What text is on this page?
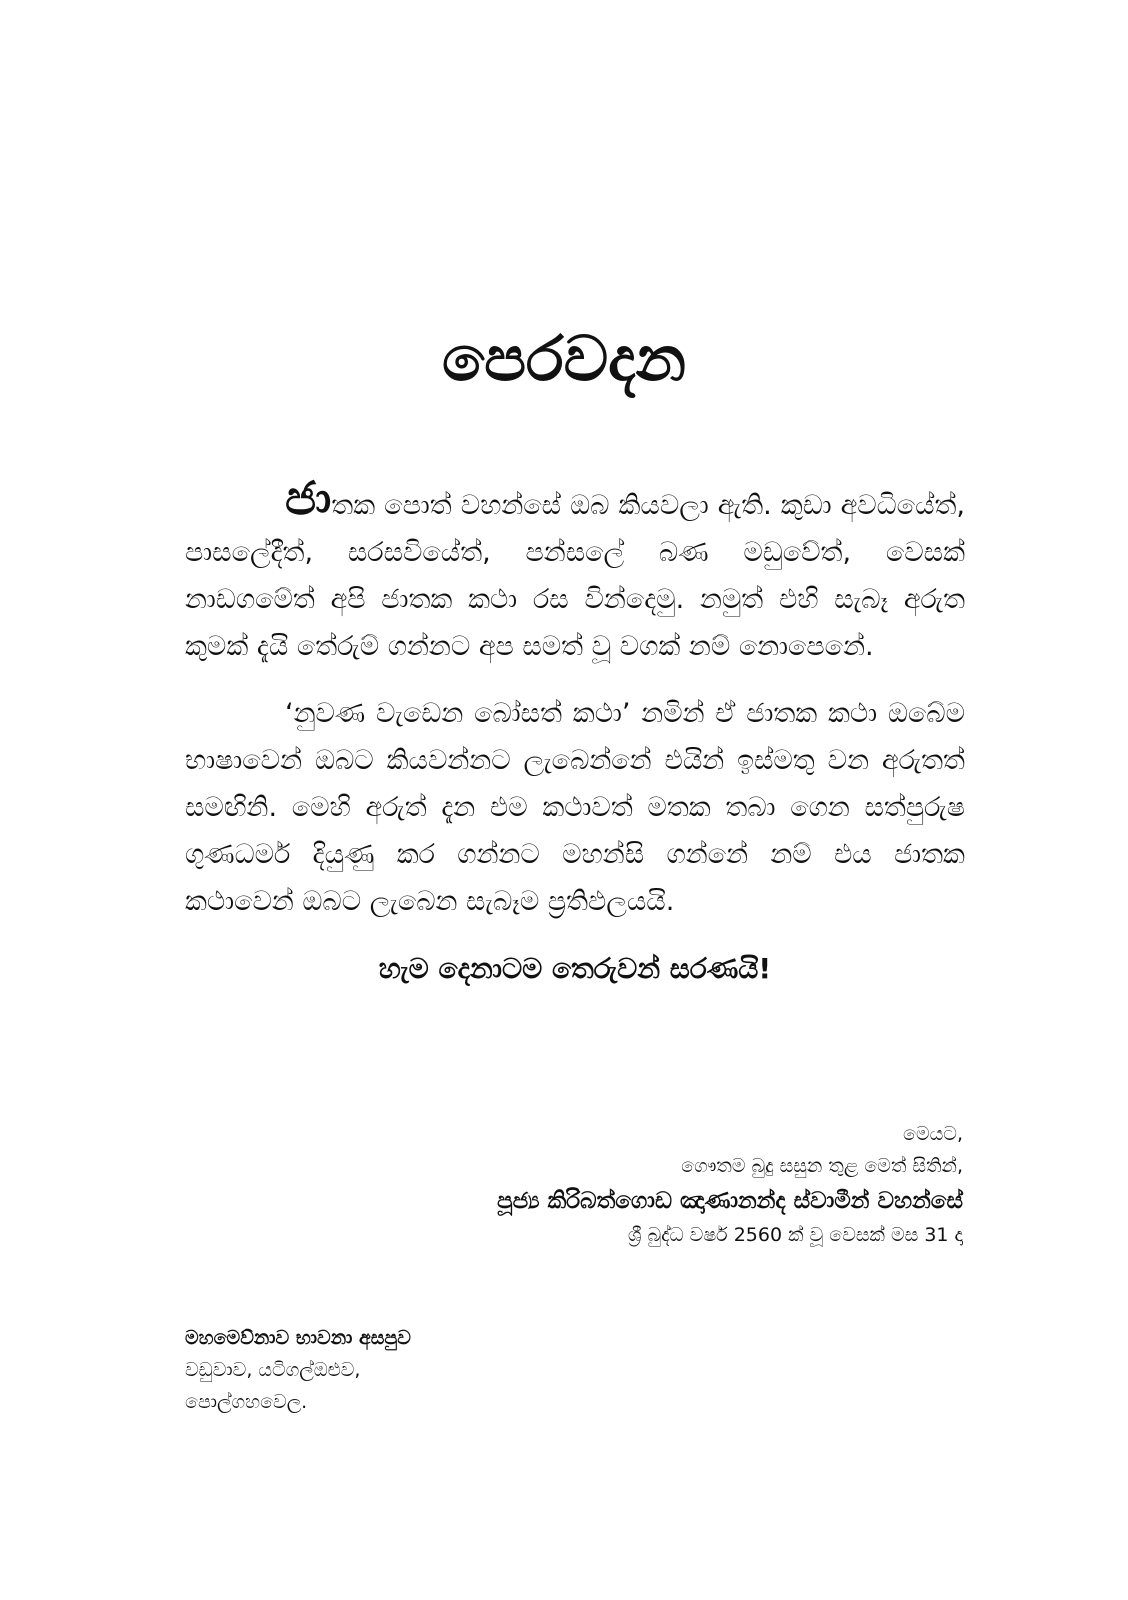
පෙරවදන

ජාතක පොත් වහන්සේ ඔබ කියවලා ඇති. කුඩා අවධියේත්, පාසලේදීත්, සරසවියේත්, පන්සලේ බණ මඩුවේත්, වෙසක් නාඩගමේත් අපි ජාතක කථා රස වින්දෙමු. නමුත් එහි සැබෑ අරුත කුමක් දැයි තේරුම් ගන්නට අප සමත් වූ වගක් නම් නොපෙනේ.

‘නුවණ වැඩෙන බෝසත් කථා’ නමින් ඒ ජාතක කථා ඔබේම භාෂාවෙන් ඔබට කියවන්නට ලැබෙන්නේ එයින් ඉස්මතු වන අරුතත් සමඟිනි. මෙහි අරුත් දැන එම කථාවත් මතක තබා ගෙන සත්පුරුෂ ගුණධර්ම දියුණු කර ගන්නට මහන්සි ගන්නේ නම් එය ජාතක කථාවෙන් ඔබට ලැබෙන සැබෑම ප්‍රතිඵලයයි.

හැම දෙනාටම තෙරුවන් සරණයි!

මෙයට,

ගෞතම බුදු සසුන තුළ මෙත් සිතින්,

පූජ්‍ය කිරිබත්ගොඩ ඤාණානන්ද ස්වාමීන් වහන්සේ

ශ්‍රී බුද්ධ වර්ෂ 2560 ක් වූ වෙසක් මස 31 දා

මහමෙව්නාව භාවනා අසපුව

වඩුවාව, යටිගල්ඔළුව,

පොල්ගහවෙල.
